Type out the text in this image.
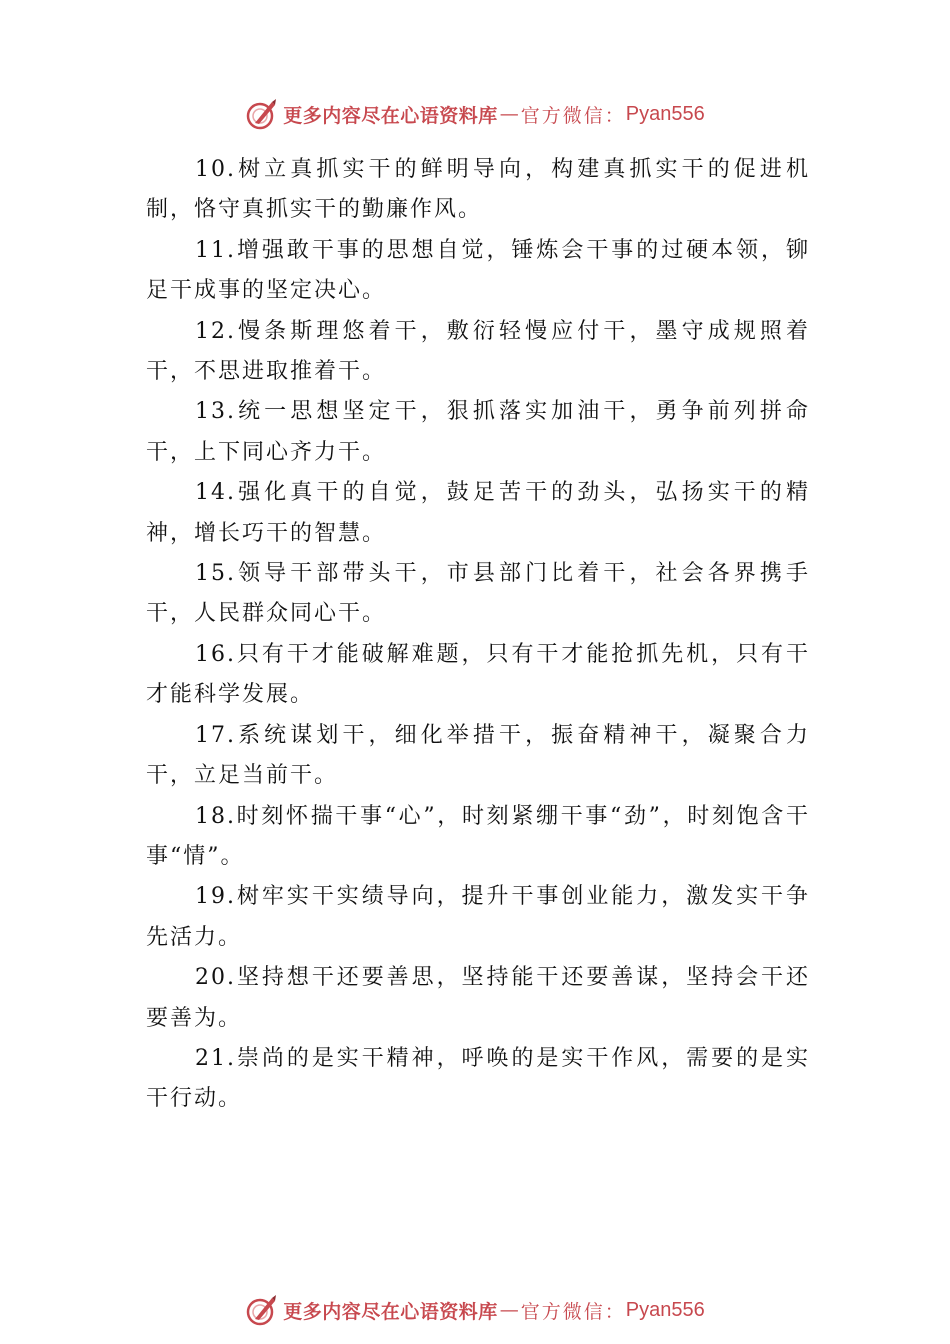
更多内容尽在心语资料库 — 官方微信： Pyan556

10.树立真抓实干的鲜明导向，构建真抓实干的促进机制，恪守真抓实干的勤廉作风。

11.增强敢干事的思想自觉，锤炼会干事的过硬本领，铆足干成事的坚定决心。

12.慢条斯理悠着干，敷衍轻慢应付干，墨守成规照着干，不思进取推着干。

13.统一思想坚定干，狠抓落实加油干，勇争前列拼命干，上下同心齐力干。

14.强化真干的自觉，鼓足苦干的劲头，弘扬实干的精神，增长巧干的智慧。

15.领导干部带头干，市县部门比着干，社会各界携手干，人民群众同心干。

16.只有干才能破解难题，只有干才能抢抓先机，只有干才能科学发展。

17.系统谋划干，细化举措干，振奋精神干，凝聚合力干，立足当前干。

18.时刻怀揣干事“心”，时刻紧绷干事“劲”，时刻饱含干事“情”。

19.树牢实干实绩导向，提升干事创业能力，激发实干争先活力。

20.坚持想干还要善思，坚持能干还要善谋，坚持会干还要善为。

21.崇尚的是实干精神，呼唤的是实干作风，需要的是实干行动。

更多内容尽在心语资料库 — 官方微信： Pyan556
